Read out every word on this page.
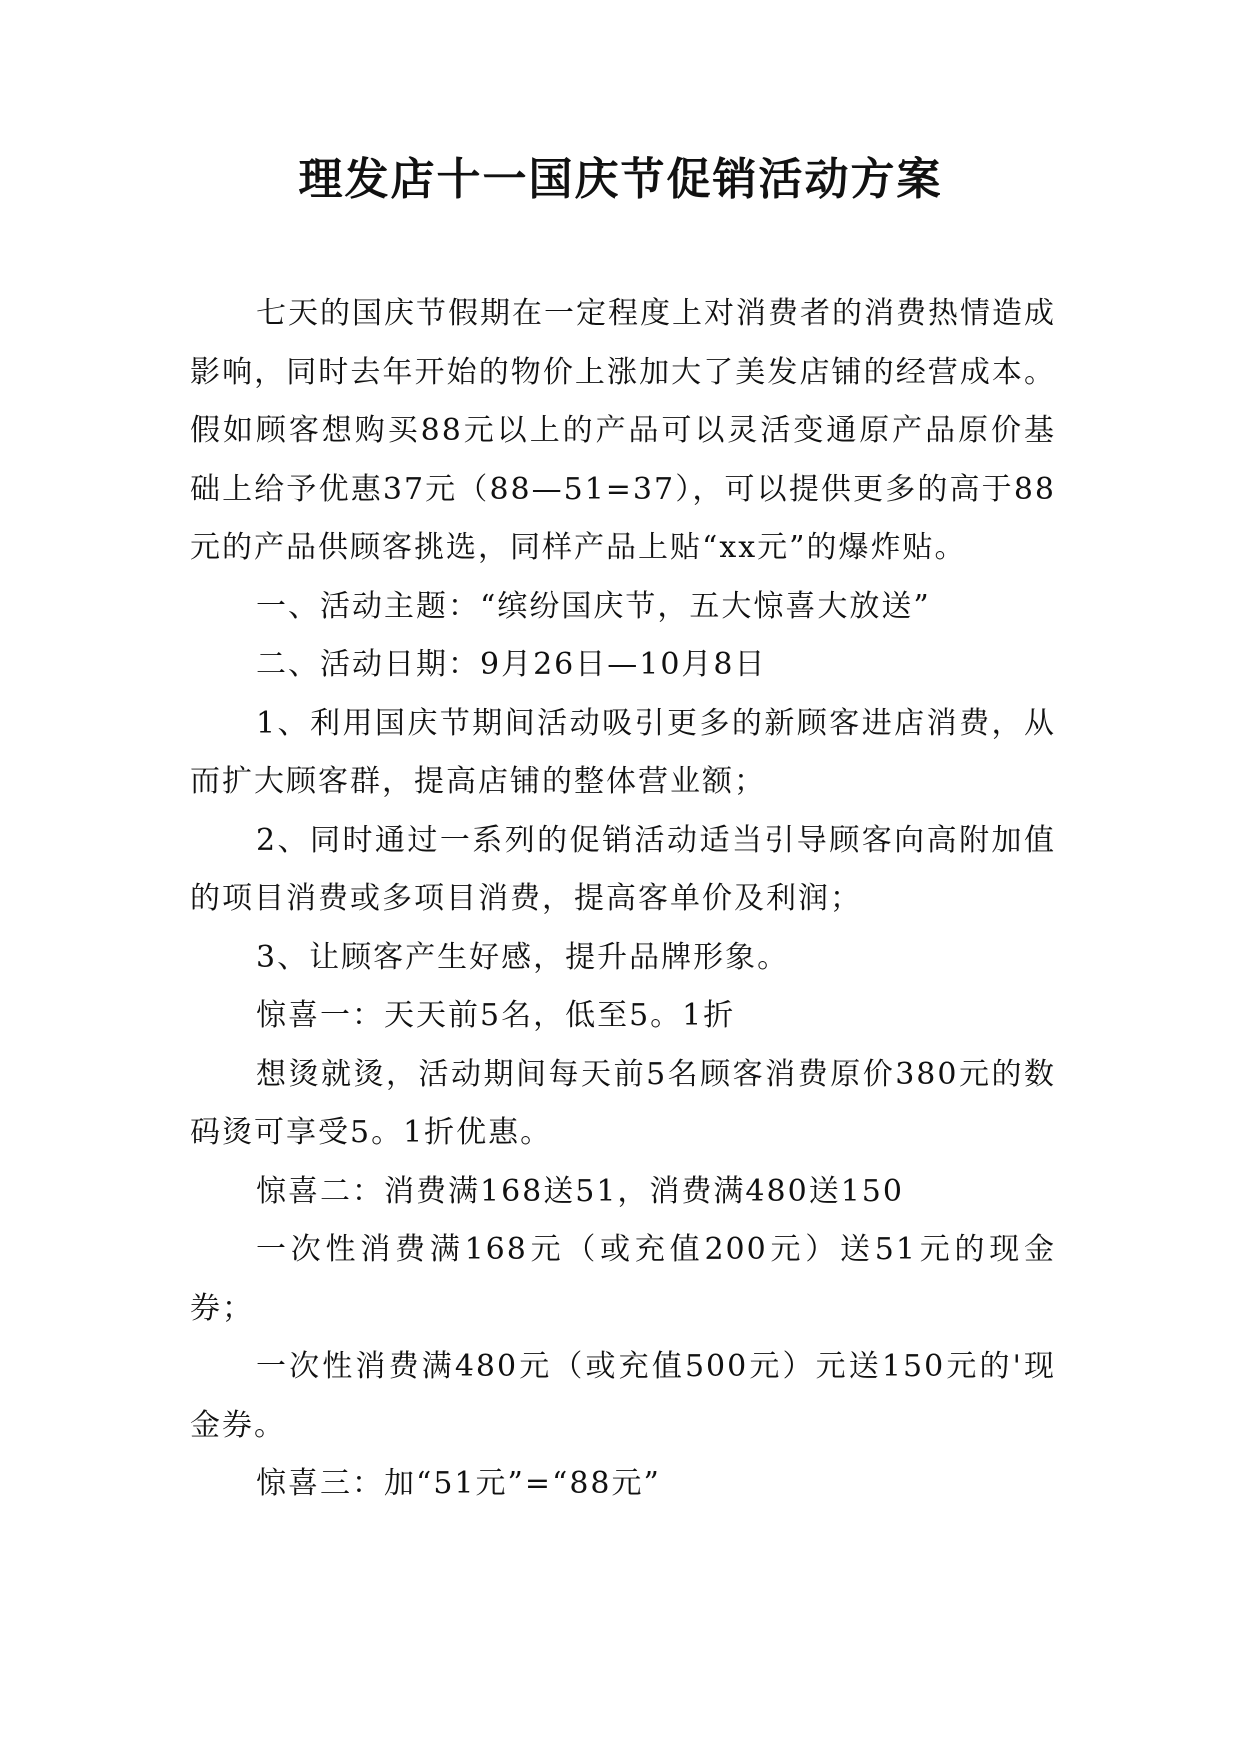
理发店十一国庆节促销活动方案

七天的国庆节假期在一定程度上对消费者的消费热情造成影响，同时去年开始的物价上涨加大了美发店铺的经营成本。假如顾客想购买88元以上的产品可以灵活变通原产品原价基础上给予优惠37元（88—51=37），可以提供更多的高于88元的产品供顾客挑选，同样产品上贴“xx元”的爆炸贴。

一、活动主题：“缤纷国庆节，五大惊喜大放送”

二、活动日期：9月26日—10月8日

1、利用国庆节期间活动吸引更多的新顾客进店消费，从而扩大顾客群，提高店铺的整体营业额；

2、同时通过一系列的促销活动适当引导顾客向高附加值的项目消费或多项目消费，提高客单价及利润；

3、让顾客产生好感，提升品牌形象。

惊喜一：天天前5名，低至5。1折

想烫就烫，活动期间每天前5名顾客消费原价380元的数码烫可享受5。1折优惠。

惊喜二：消费满168送51，消费满480送150

一次性消费满168元（或充值200元）送51元的现金券；

一次性消费满480元（或充值500元）元送150元的'现金券。

惊喜三：加“51元”=“88元”
